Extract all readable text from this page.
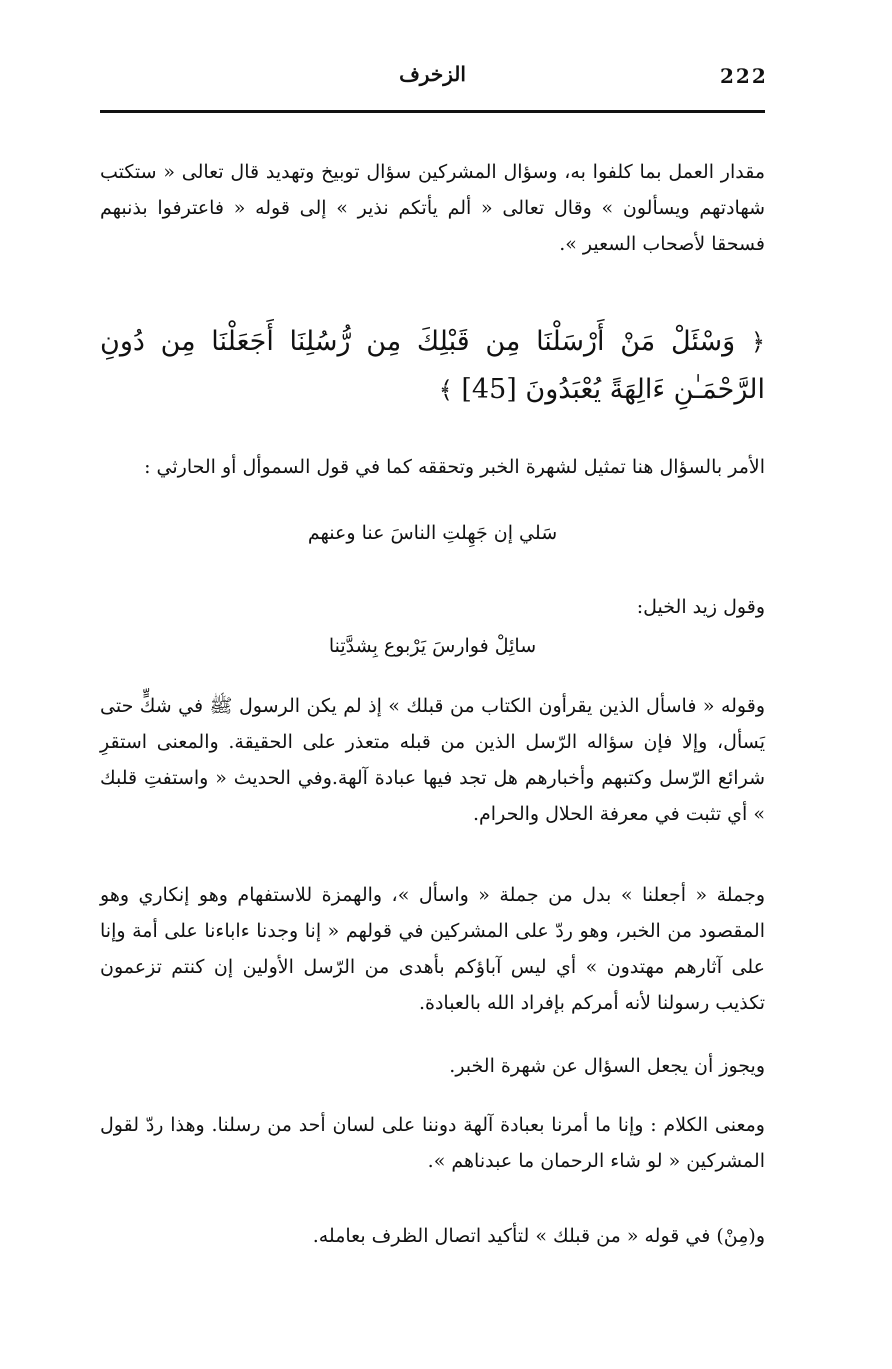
222
الزخرف

مقدار العمل بما كلفوا به، وسؤال المشركين سؤال توبيخ وتهديد قال تعالى « ستكتب شهادتهم ويسألون » وقال تعالى « ألم يأتكم نذير » إلى قوله « فاعترفوا بذنبهم فسحقا لأصحاب السعير ».

﴿ وَسْئَلْ مَنْ أَرْسَلْنَا مِن قَبْلِكَ مِن رُّسُلِنَا أَجَعَلْنَا مِن دُونِ الرَّحْمَـٰنِ ءَالِهَةً يُعْبَدُونَ [45] ﴾

الأمر بالسؤال هنا تمثيل لشهرة الخبر وتحققه كما في قول السموأل أو الحارثي :

سَلي إن جَهِلتِ الناسَ عنا وعنهم

وقول زيد الخيل:

سائِلْ فوارسَ يَرْبوع بِشدَّتِنا

وقوله « فاسأل الذين يقرأون الكتاب من قبلك » إذ لم يكن الرسول ﷺ في شكٍّ حتى يَسأل، وإلا فإن سؤاله الرّسل الذين من قبله متعذر على الحقيقة. والمعنى استقرِ شرائع الرّسل وكتبهم وأخبارهم هل تجد فيها عبادة آلهة.وفي الحديث « واستفتِ قلبك » أي تثبت في معرفة الحلال والحرام.

وجملة « أجعلنا » بدل من جملة « واسأل »، والهمزة للاستفهام وهو إنكاري وهو المقصود من الخبر، وهو ردّ على المشركين في قولهم « إنا وجدنا ءاباءنا على أمة وإنا على آثارهم مهتدون » أي ليس آباؤكم بأهدى من الرّسل الأولين إن كنتم تزعمون تكذيب رسولنا لأنه أمركم بإفراد الله بالعبادة.

ويجوز أن يجعل السؤال عن شهرة الخبر.

ومعنى الكلام : وإنا ما أمرنا بعبادة آلهة دوننا على لسان أحد من رسلنا. وهذا ردّ لقول المشركين « لو شاء الرحمان ما عبدناهم ».

و(مِنْ) في قوله « من قبلك » لتأكيد اتصال الظرف بعامله.
